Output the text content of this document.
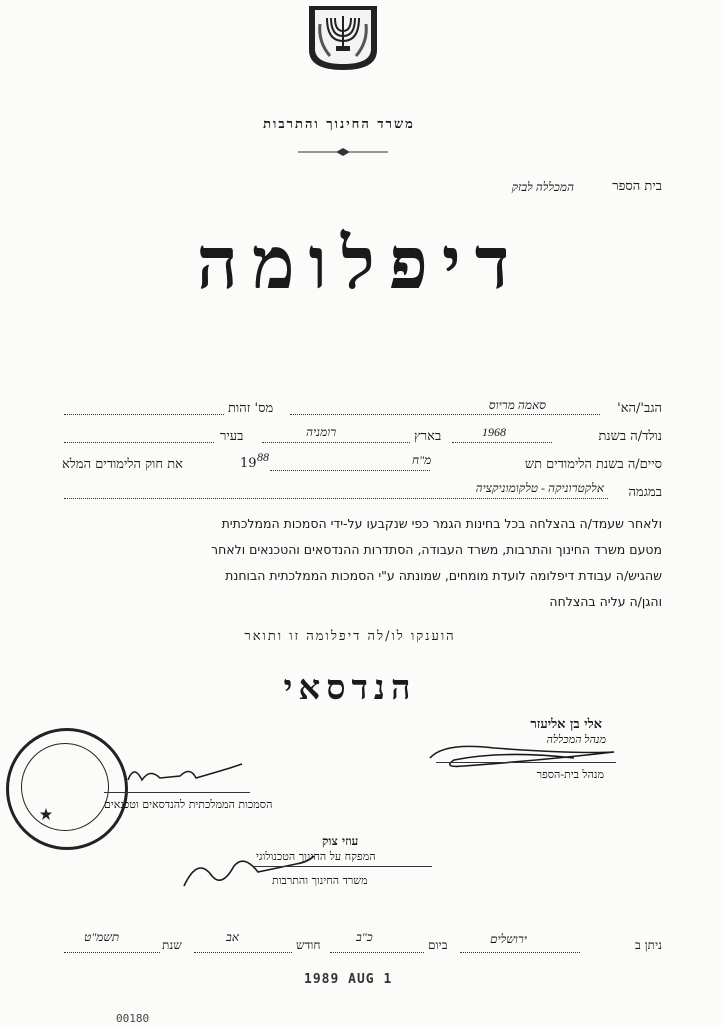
משרד החינוך והתרבות
בית הספר
המכללה לבזק
דיפלומה
הגב'/הא'
סאמה מריוס
מס' זהות
נולד/ה בשנת
1968
בארץ
רומניה
בעיר
סיים/ה בשנת הלימודים תש
מ"ח
19 88
את חוק הלימודים המלא
במגמה
אלקטרוניקה - טלקומוניקציה
ולאחר שעמד/ה בהצלחה בכל בחינות הגמר כפי שנקבעו על-ידי הסמכות הממלכתית
מטעם משרד החינוך והתרבות, משרד העבודה, הסתדרות ההנדסאים והטכנאים ולאחר
שהגיש/ה עבודת דיפלומה לועדת מומחים, שמונתה ע"י הסמכות הממלכתית הבוחנת
והגן/ה עליה בהצלחה
הוענקו לו/לה דיפלומה זו ותואר
הנדסאי
אלי בן אליעזר
מנהל המכללה
מנהל בית-הספר
הסמכות הממלכתית להנדסאים וטכנאים
עוזי צוק
המפקח על החינוך הטכנולוגי
משרד החינוך והתרבות
ניתן ב
ירושלים
ביום
כ"ב
חודש
אב
שנת
תשמ"ט
1989 AUG 1
00180
